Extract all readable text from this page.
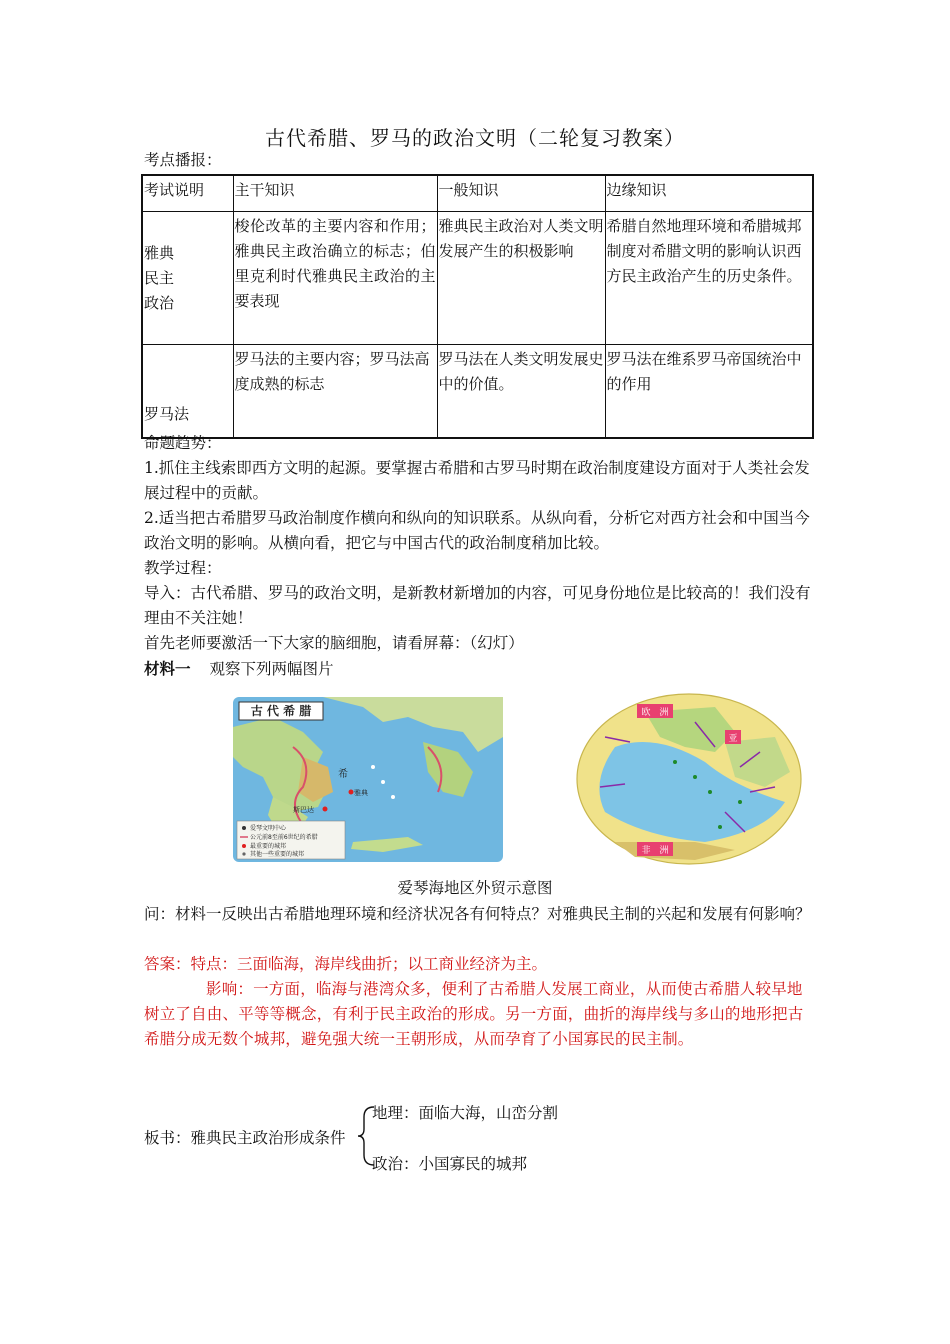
古代希腊、罗马的政治文明（二轮复习教案）
考点播报：
考试说明	主干知识	一般知识	边缘知识
雅典
民主
政治	梭伦改革的主要内容和作用；雅典民主政治确立的标志；伯里克利时代雅典民主政治的主要表现	雅典民主政治对人类文明发展产生的积极影响	希腊自然地理环境和希腊城邦制度对希腊文明的影响认识西方民主政治产生的历史条件。
罗马法	罗马法的主要内容；罗马法高度成熟的标志	罗马法在人类文明发展史中的价值。	罗马法在维系罗马帝国统治中的作用
命题趋势：
1.抓住主线索即西方文明的起源。要掌握古希腊和古罗马时期在政治制度建设方面对于人类社会发展过程中的贡献。
2.适当把古希腊罗马政治制度作横向和纵向的知识联系。从纵向看，分析它对西方社会和中国当今政治文明的影响。从横向看，把它与中国古代的政治制度稍加比较。
教学过程：
导入：古代希腊、罗马的政治文明，是新教材新增加的内容，可见身份地位是比较高的！我们没有理由不关注她！
首先老师要激活一下大家的脑细胞，请看屏幕：（幻灯）
材料一 观察下列两幅图片
古 代 希 腊
希
雅典
斯巴达
爱琴文明中心
公元前8至前6世纪的希腊
最重要的城邦
其他一些重要的城邦
欧　洲
亚
非　洲
爱琴海地区外贸示意图
问：材料一反映出古希腊地理环境和经济状况各有何特点？对雅典民主制的兴起和发展有何影响？
答案：特点：三面临海，海岸线曲折；以工商业经济为主。
影响：一方面，临海与港湾众多，便利了古希腊人发展工商业，从而使古希腊人较早地树立了自由、平等等概念，有利于民主政治的形成。另一方面，曲折的海岸线与多山的地形把古希腊分成无数个城邦，避免强大统一王朝形成，从而孕育了小国寡民的民主制。
板书：雅典民主政治形成条件
地理：面临大海，山峦分割
政治：小国寡民的城邦
